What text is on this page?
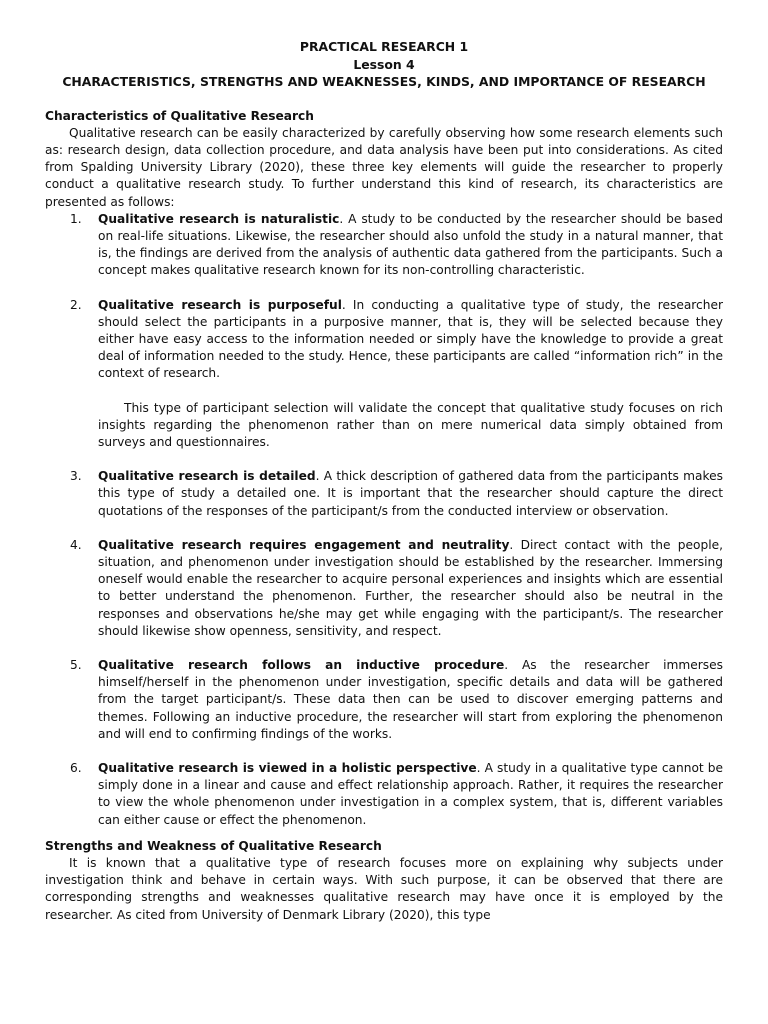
PRACTICAL RESEARCH 1
Lesson 4
CHARACTERISTICS, STRENGTHS AND WEAKNESSES, KINDS, AND IMPORTANCE OF RESEARCH
Characteristics of Qualitative Research

Qualitative research can be easily characterized by carefully observing how some research elements such as: research design, data collection procedure, and data analysis have been put into considerations. As cited from Spalding University Library (2020), these three key elements will guide the researcher to properly conduct a qualitative research study. To further understand this kind of research, its characteristics are presented as follows:

1. Qualitative research is naturalistic. A study to be conducted by the researcher should be based on real-life situations. Likewise, the researcher should also unfold the study in a natural manner, that is, the findings are derived from the analysis of authentic data gathered from the participants. Such a concept makes qualitative research known for its non-controlling characteristic.
2. Qualitative research is purposeful. In conducting a qualitative type of study, the researcher should select the participants in a purposive manner, that is, they will be selected because they either have easy access to the information needed or simply have the knowledge to provide a great deal of information needed to the study. Hence, these participants are called “information rich” in the context of research.
This type of participant selection will validate the concept that qualitative study focuses on rich insights regarding the phenomenon rather than on mere numerical data simply obtained from surveys and questionnaires.
3. Qualitative research is detailed. A thick description of gathered data from the participants makes this type of study a detailed one. It is important that the researcher should capture the direct quotations of the responses of the participant/s from the conducted interview or observation.
4. Qualitative research requires engagement and neutrality. Direct contact with the people, situation, and phenomenon under investigation should be established by the researcher. Immersing oneself would enable the researcher to acquire personal experiences and insights which are essential to better understand the phenomenon. Further, the researcher should also be neutral in the responses and observations he/she may get while engaging with the participant/s. The researcher should likewise show openness, sensitivity, and respect.
5. Qualitative research follows an inductive procedure. As the researcher immerses himself/herself in the phenomenon under investigation, specific details and data will be gathered from the target participant/s. These data then can be used to discover emerging patterns and themes. Following an inductive procedure, the researcher will start from exploring the phenomenon and will end to confirming findings of the works.
6. Qualitative research is viewed in a holistic perspective. A study in a qualitative type cannot be simply done in a linear and cause and effect relationship approach. Rather, it requires the researcher to view the whole phenomenon under investigation in a complex system, that is, different variables can either cause or effect the phenomenon.
Strengths and Weakness of Qualitative Research

It is known that a qualitative type of research focuses more on explaining why subjects under investigation think and behave in certain ways. With such purpose, it can be observed that there are corresponding strengths and weaknesses qualitative research may have once it is employed by the researcher. As cited from University of Denmark Library (2020), this type
